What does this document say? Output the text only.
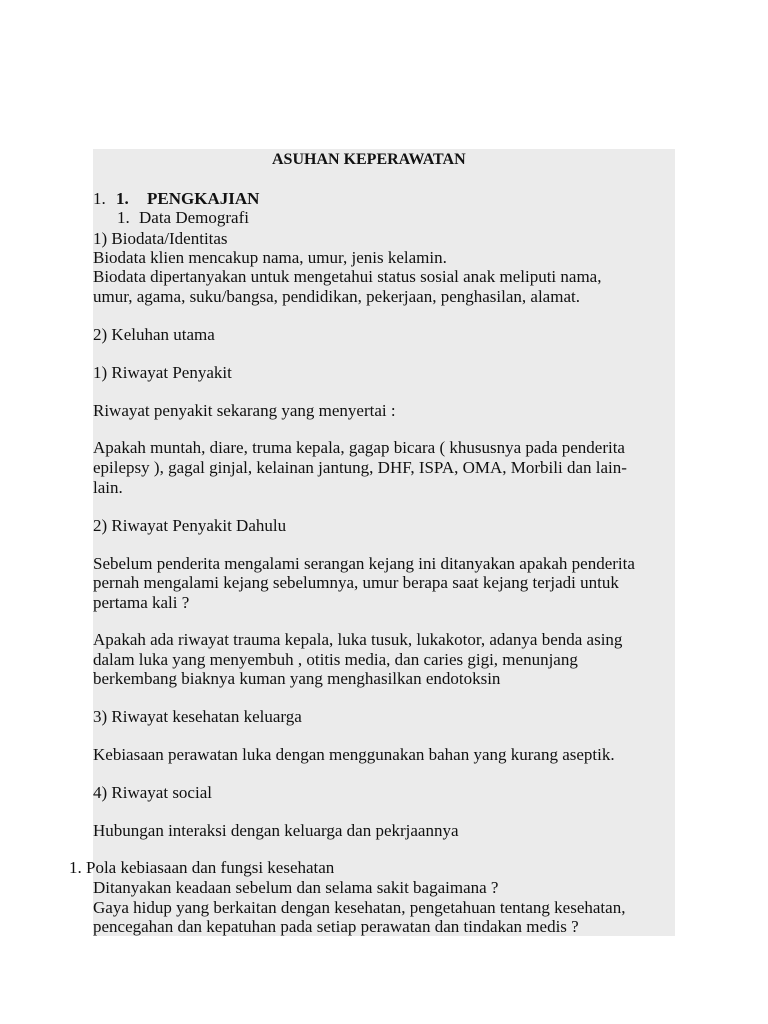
ASUHAN KEPERAWATAN
1. 1. PENGKAJIAN
1. Data Demografi
1) Biodata/Identitas
Biodata klien mencakup nama, umur, jenis kelamin.
Biodata dipertanyakan untuk mengetahui status sosial anak meliputi nama,
umur, agama, suku/bangsa, pendidikan, pekerjaan, penghasilan, alamat.
2) Keluhan utama
1) Riwayat Penyakit
Riwayat penyakit sekarang yang menyertai :
Apakah muntah, diare, truma kepala, gagap bicara ( khususnya pada penderita
epilepsy ), gagal ginjal, kelainan jantung, DHF, ISPA, OMA, Morbili dan lain-
lain.
2) Riwayat Penyakit Dahulu
Sebelum penderita mengalami serangan kejang ini ditanyakan apakah penderita
pernah mengalami kejang sebelumnya, umur berapa saat kejang terjadi untuk
pertama kali ?
Apakah ada riwayat trauma kepala, luka tusuk, lukakotor, adanya benda asing
dalam luka yang menyembuh , otitis media, dan caries gigi, menunjang
berkembang biaknya kuman yang menghasilkan endotoksin
3) Riwayat kesehatan keluarga
Kebiasaan perawatan luka dengan menggunakan bahan yang kurang aseptik.
4) Riwayat social
Hubungan interaksi dengan keluarga dan pekrjaannya
1. Pola kebiasaan dan fungsi kesehatan
Ditanyakan keadaan sebelum dan selama sakit bagaimana ?
Gaya hidup yang berkaitan dengan kesehatan, pengetahuan tentang kesehatan,
pencegahan dan kepatuhan pada setiap perawatan dan tindakan medis ?
